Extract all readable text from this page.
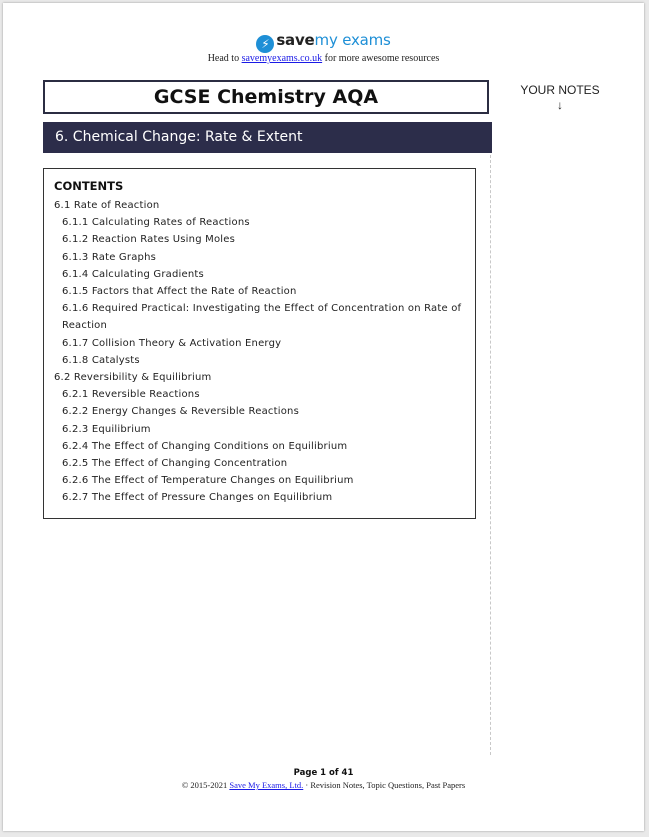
⚡ savemy exams
Head to savemyexams.co.uk for more awesome resources
GCSE Chemistry AQA
6. Chemical Change: Rate & Extent
YOUR NOTES
↓
CONTENTS
6.1 Rate of Reaction
6.1.1 Calculating Rates of Reactions
6.1.2 Reaction Rates Using Moles
6.1.3 Rate Graphs
6.1.4 Calculating Gradients
6.1.5 Factors that Affect the Rate of Reaction
6.1.6 Required Practical: Investigating the Effect of Concentration on Rate of Reaction
6.1.7 Collision Theory & Activation Energy
6.1.8 Catalysts
6.2 Reversibility & Equilibrium
6.2.1 Reversible Reactions
6.2.2 Energy Changes & Reversible Reactions
6.2.3 Equilibrium
6.2.4 The Effect of Changing Conditions on Equilibrium
6.2.5 The Effect of Changing Concentration
6.2.6 The Effect of Temperature Changes on Equilibrium
6.2.7 The Effect of Pressure Changes on Equilibrium
Page 1 of 41
© 2015-2021 Save My Exams, Ltd. · Revision Notes, Topic Questions, Past Papers
